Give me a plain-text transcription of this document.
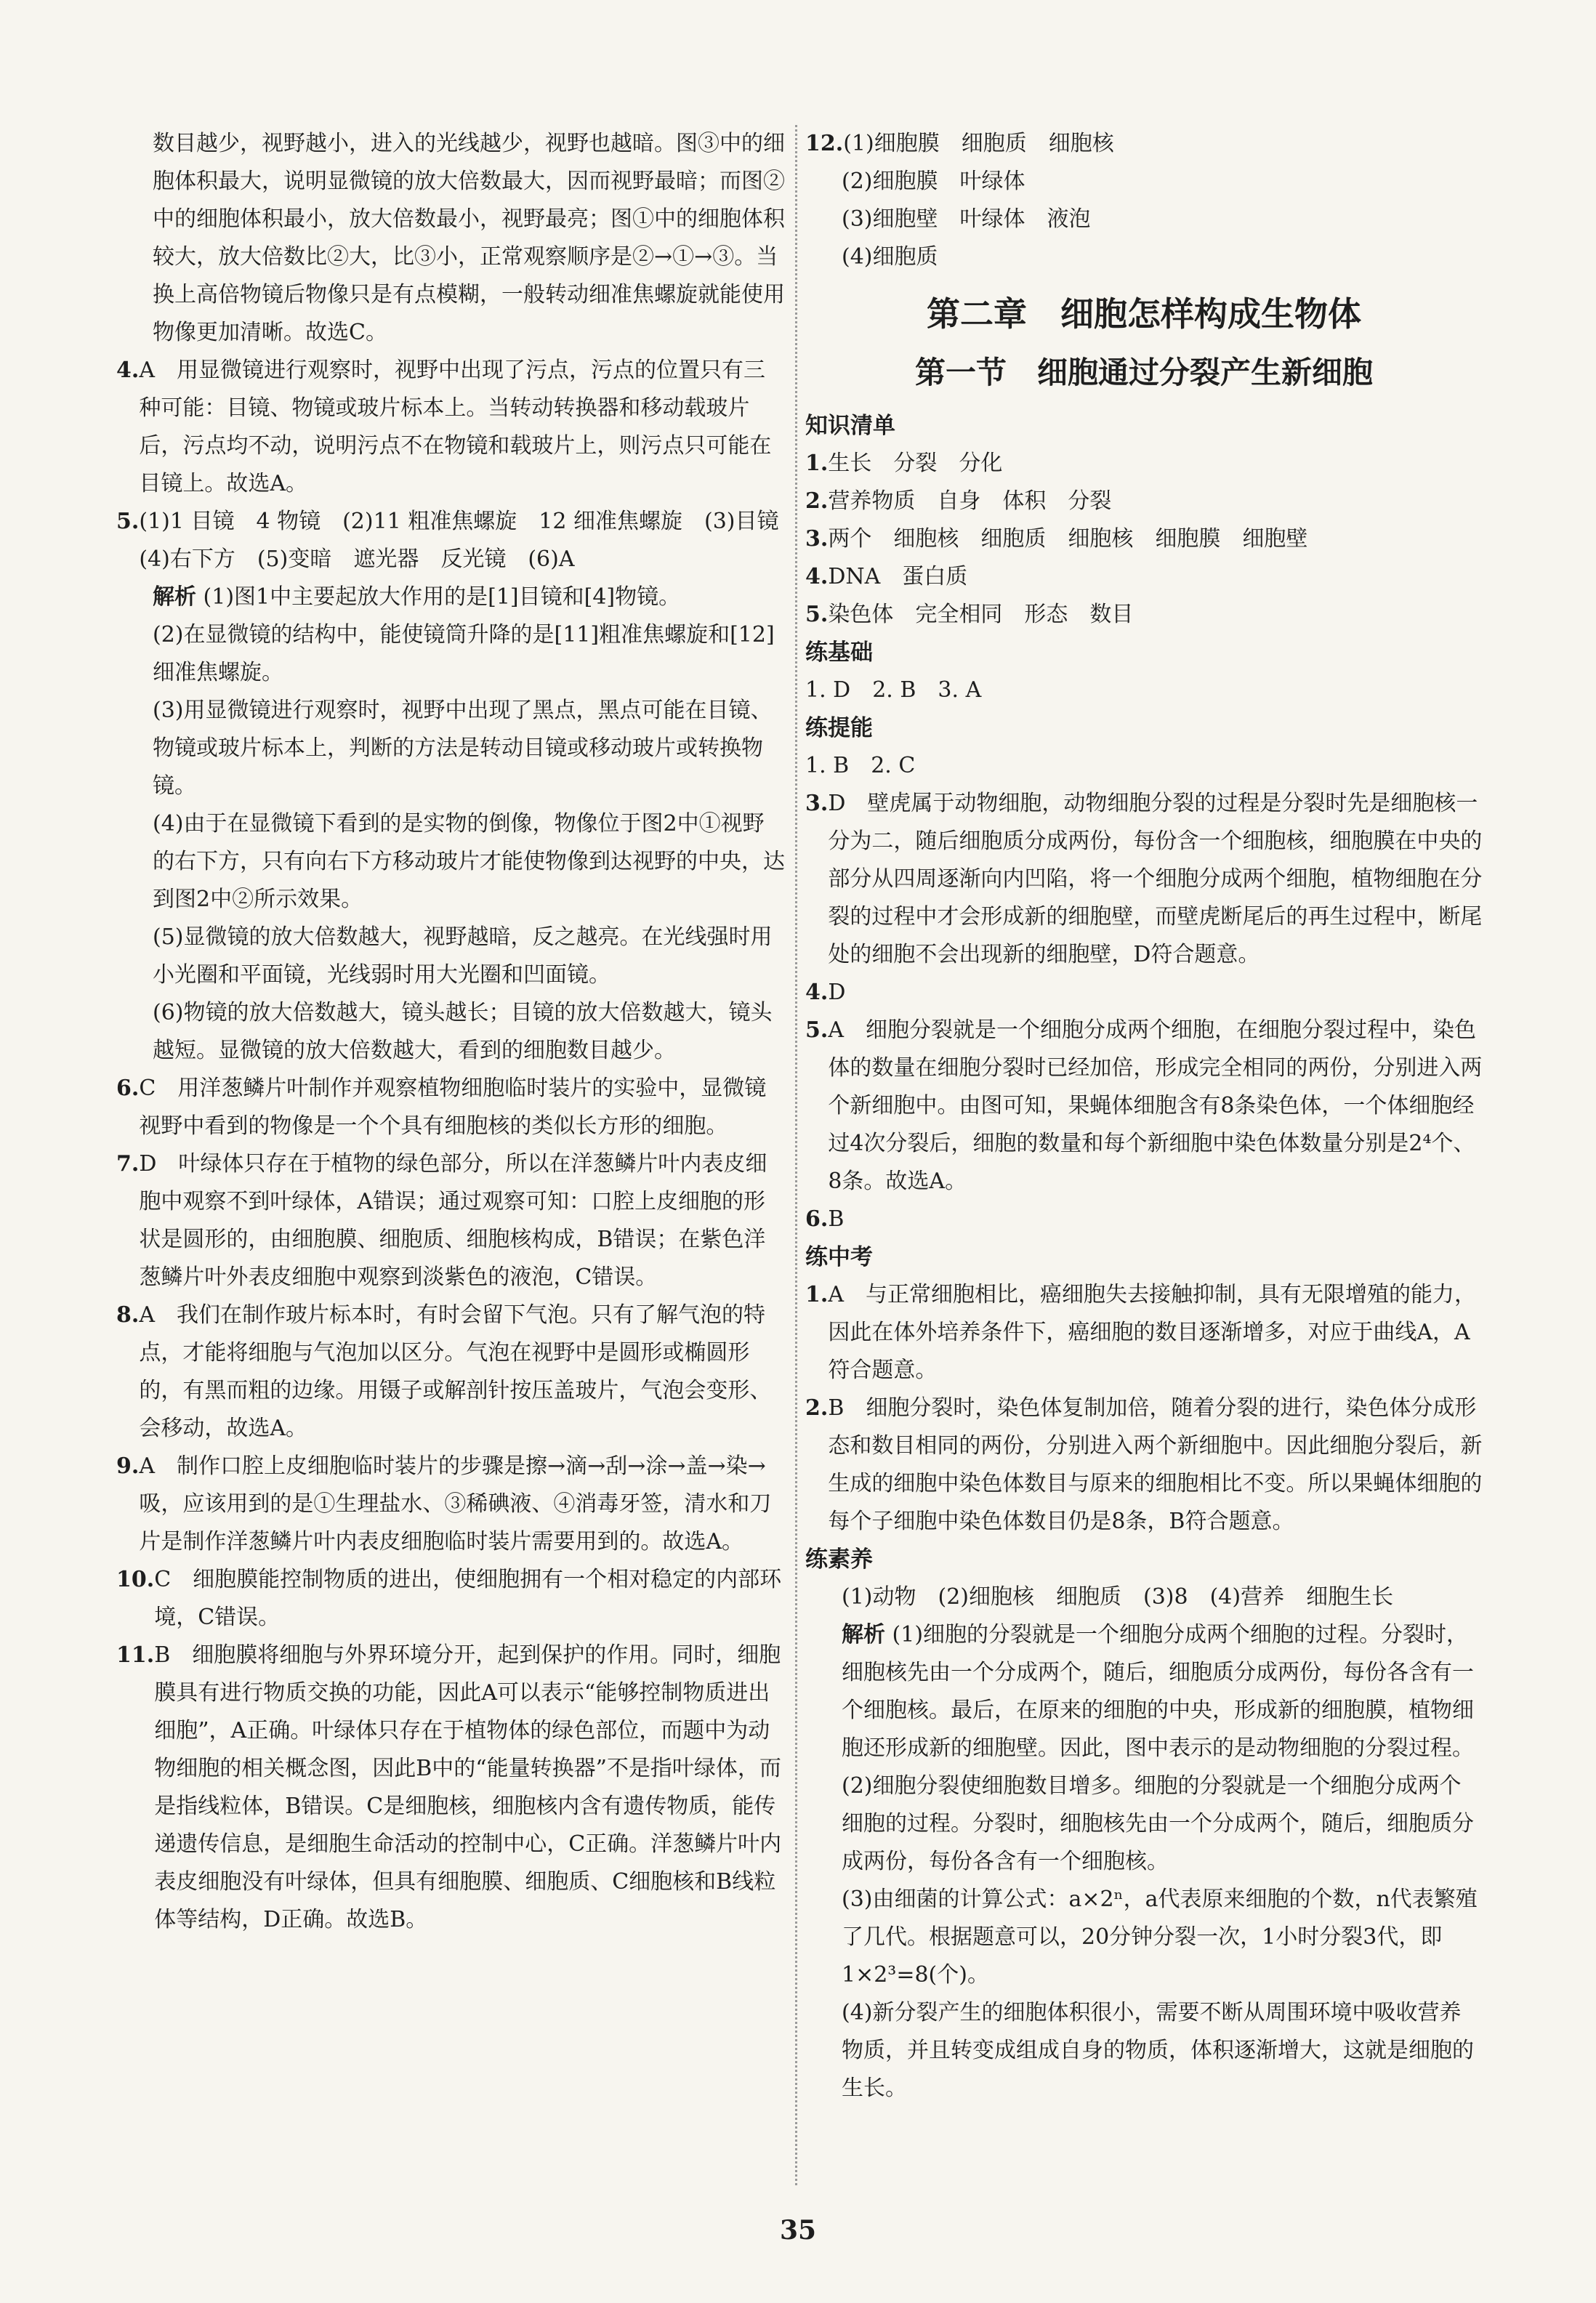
数目越少，视野越小，进入的光线越少，视野也越暗。图③中的细胞体积最大，说明显微镜的放大倍数最大，因而视野最暗；而图②中的细胞体积最小，放大倍数最小，视野最亮；图①中的细胞体积较大，放大倍数比②大，比③小，正常观察顺序是②→①→③。当换上高倍物镜后物像只是有点模糊，一般转动细准焦螺旋就能使用物像更加清晰。故选C。

4. A　用显微镜进行观察时，视野中出现了污点，污点的位置只有三种可能：目镜、物镜或玻片标本上。当转动转换器和移动载玻片后，污点均不动，说明污点不在物镜和载玻片上，则污点只可能在目镜上。故选A。
5. (1)1 目镜　4 物镜　(2)11 粗准焦螺旋　12 细准焦螺旋　(3)目镜　(4)右下方　(5)变暗　遮光器　反光镜　(6)A

解析 (1)图1中主要起放大作用的是[1]目镜和[4]物镜。

(2)在显微镜的结构中，能使镜筒升降的是[11]粗准焦螺旋和[12]细准焦螺旋。

(3)用显微镜进行观察时，视野中出现了黑点，黑点可能在目镜、物镜或玻片标本上，判断的方法是转动目镜或移动玻片或转换物镜。

(4)由于在显微镜下看到的是实物的倒像，物像位于图2中①视野的右下方，只有向右下方移动玻片才能使物像到达视野的中央，达到图2中②所示效果。

(5)显微镜的放大倍数越大，视野越暗，反之越亮。在光线强时用小光圈和平面镜，光线弱时用大光圈和凹面镜。

(6)物镜的放大倍数越大，镜头越长；目镜的放大倍数越大，镜头越短。显微镜的放大倍数越大，看到的细胞数目越少。

6. C　用洋葱鳞片叶制作并观察植物细胞临时装片的实验中，显微镜视野中看到的物像是一个个具有细胞核的类似长方形的细胞。
7. D　叶绿体只存在于植物的绿色部分，所以在洋葱鳞片叶内表皮细胞中观察不到叶绿体，A错误；通过观察可知：口腔上皮细胞的形状是圆形的，由细胞膜、细胞质、细胞核构成，B错误；在紫色洋葱鳞片叶外表皮细胞中观察到淡紫色的液泡，C错误。
8. A　我们在制作玻片标本时，有时会留下气泡。只有了解气泡的特点，才能将细胞与气泡加以区分。气泡在视野中是圆形或椭圆形的，有黑而粗的边缘。用镊子或解剖针按压盖玻片，气泡会变形、会移动，故选A。
9. A　制作口腔上皮细胞临时装片的步骤是擦→滴→刮→涂→盖→染→吸，应该用到的是①生理盐水、③稀碘液、④消毒牙签，清水和刀片是制作洋葱鳞片叶内表皮细胞临时装片需要用到的。故选A。
10. C　细胞膜能控制物质的进出，使细胞拥有一个相对稳定的内部环境，C错误。
11. B　细胞膜将细胞与外界环境分开，起到保护的作用。同时，细胞膜具有进行物质交换的功能，因此A可以表示“能够控制物质进出细胞”，A正确。叶绿体只存在于植物体的绿色部位，而题中为动物细胞的相关概念图，因此B中的“能量转换器”不是指叶绿体，而是指线粒体，B错误。C是细胞核，细胞核内含有遗传物质，能传递遗传信息，是细胞生命活动的控制中心，C正确。洋葱鳞片叶内表皮细胞没有叶绿体，但具有细胞膜、细胞质、C细胞核和B线粒体等结构，D正确。故选B。
12. (1)细胞膜　细胞质　细胞核

(2)细胞膜　叶绿体

(3)细胞壁　叶绿体　液泡

(4)细胞质

第二章　细胞怎样构成生物体
第一节　细胞通过分裂产生新细胞

知识清单

1. 生长　分裂　分化
2. 营养物质　自身　体积　分裂
3. 两个　细胞核　细胞质　细胞核　细胞膜　细胞壁
4. DNA　蛋白质
5. 染色体　完全相同　形态　数目

练基础

1. D　2. B　3. A

练提能

1. B　2. C

3. D　壁虎属于动物细胞，动物细胞分裂的过程是分裂时先是细胞核一分为二，随后细胞质分成两份，每份含一个细胞核，细胞膜在中央的部分从四周逐渐向内凹陷，将一个细胞分成两个细胞，植物细胞在分裂的过程中才会形成新的细胞壁，而壁虎断尾后的再生过程中，断尾处的细胞不会出现新的细胞壁，D符合题意。
4. D
5. A　细胞分裂就是一个细胞分成两个细胞，在细胞分裂过程中，染色体的数量在细胞分裂时已经加倍，形成完全相同的两份，分别进入两个新细胞中。由图可知，果蝇体细胞含有8条染色体，一个体细胞经过4次分裂后，细胞的数量和每个新细胞中染色体数量分别是2⁴个、8条。故选A。
6. B

练中考

1. A　与正常细胞相比，癌细胞失去接触抑制，具有无限增殖的能力，因此在体外培养条件下，癌细胞的数目逐渐增多，对应于曲线A，A符合题意。
2. B　细胞分裂时，染色体复制加倍，随着分裂的进行，染色体分成形态和数目相同的两份，分别进入两个新细胞中。因此细胞分裂后，新生成的细胞中染色体数目与原来的细胞相比不变。所以果蝇体细胞的每个子细胞中染色体数目仍是8条，B符合题意。

练素养

(1)动物　(2)细胞核　细胞质　(3)8　(4)营养　细胞生长

解析 (1)细胞的分裂就是一个细胞分成两个细胞的过程。分裂时，细胞核先由一个分成两个，随后，细胞质分成两份，每份各含有一个细胞核。最后，在原来的细胞的中央，形成新的细胞膜，植物细胞还形成新的细胞壁。因此，图中表示的是动物细胞的分裂过程。

(2)细胞分裂使细胞数目增多。细胞的分裂就是一个细胞分成两个细胞的过程。分裂时，细胞核先由一个分成两个，随后，细胞质分成两份，每份各含有一个细胞核。

(3)由细菌的计算公式：a×2ⁿ，a代表原来细胞的个数，n代表繁殖了几代。根据题意可以，20分钟分裂一次，1小时分裂3代，即1×2³=8(个)。

(4)新分裂产生的细胞体积很小，需要不断从周围环境中吸收营养物质，并且转变成组成自身的物质，体积逐渐增大，这就是细胞的生长。

35
